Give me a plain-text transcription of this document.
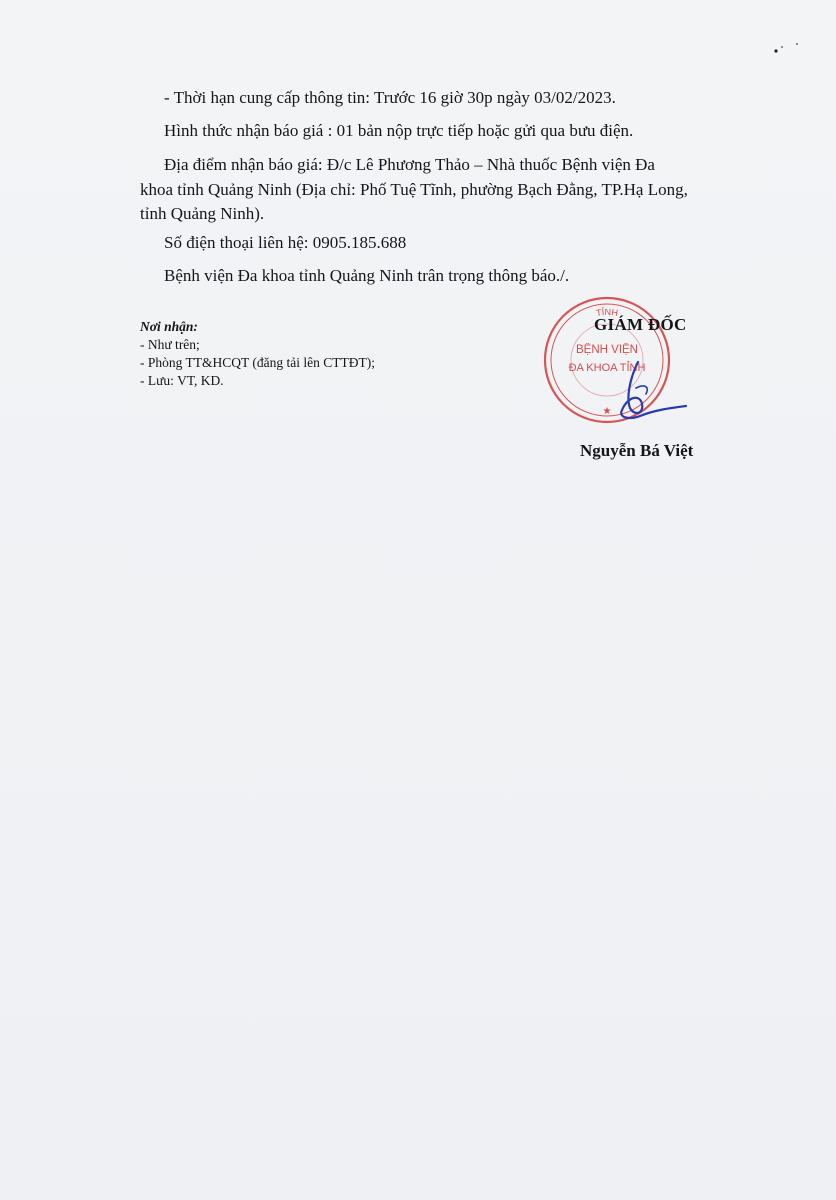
- Thời hạn cung cấp thông tin: Trước 16 giờ 30p ngày 03/02/2023.
Hình thức nhận báo giá : 01 bản nộp trực tiếp hoặc gửi qua bưu điện.
Địa điểm nhận báo giá: Đ/c Lê Phương Thảo – Nhà thuốc Bệnh viện Đa
khoa tỉnh Quảng Ninh (Địa chỉ: Phố Tuệ Tĩnh, phường Bạch Đằng, TP.Hạ Long,
tỉnh Quảng Ninh).
Số điện thoại liên hệ: 0905.185.688
Bệnh viện Đa khoa tỉnh Quảng Ninh trân trọng thông báo./.
Nơi nhận:
- Như trên;
- Phòng TT&HCQT (đăng tải lên CTTĐT);
- Lưu: VT, KD.
TỈNH
BỆNH VIỆN
ĐA KHOA TỈNH
★
GIÁM ĐỐC
Nguyễn Bá Việt
